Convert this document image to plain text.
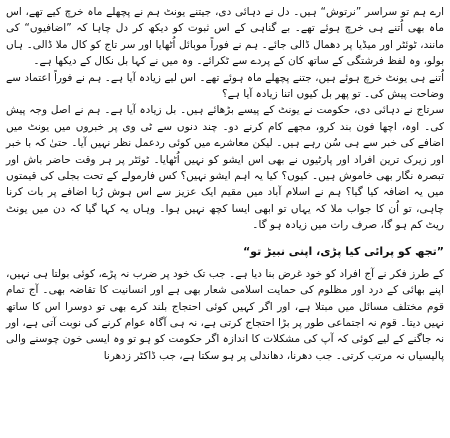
ارے ہم تو سراسر ”نرتوش“ ہیں۔ دل نے دہائی دی، جیتنے یونٹ ہم نے پچھلے ماہ خرچ کیے تھے، اس ماہ بھی اُتنے ہی خرچ ہوئے تھے۔ بے گناہی کے اس ثبوت کو دیکھ کر دل چاہا کہ ”اضافیوں“ کی مانند، ٹوئٹر اور میڈیا پر دھمال ڈالی جائے۔ ہم نے فوراً موبائل اُٹھایا اور سر تاج کو کال ملا ڈالی۔ ہاں بولو، وہ لفظ فرشتگی کے ساتھ کان کے پردے سے ٹکرائے۔ وہ میں نے کہا بل نکال کے دیکھا ہے۔

اُتنے ہی یونٹ خرچ ہوئے ہیں، جتنے پچھلے ماہ ہوئے تھے۔ اس لیے زیادہ آیا ہے۔ ہم نے فوراً اعتماد سے وضاحت پیش کی۔ تو پھر بل کیوں اتنا زیادہ آیا ہے؟

سرتاج نے دہائی دی، حکومت نے یونٹ کے پیسے بڑھائے ہیں۔ بل زیادہ آیا ہے۔ ہم نے اصل وجہ پیش کی۔ اوہ، اچھا فون بند کرو، مجھے کام کرنے دو۔ چند دنوں سے ٹی وی پر خبروں میں یونٹ میں اضافے کی خبر سے ہی سُن رہے ہیں۔ لیکن معاشرے میں کوئی ردعمل نظر نہیں آیا۔ حتیٰ کہ با خبر اور زیرک ترین افراد اور پارٹیوں نے بھی اس ایشو کو نہیں اُٹھایا۔ ٹوئٹر پر ہر وقت حاضر باش اور تبصرہ نگار بھی خاموش ہیں۔ کیوں؟ کیا یہ اہم ایشو نہیں؟ کس فارمولے کے تحت بجلی کی قیمتوں میں یہ اضافہ کیا گیا؟ ہم نے اسلام آباد میں مقیم ایک عزیز سے اس ہوش رُبا اضافے پر بات کرنا چاہی، تو اُن کا جواب ملا کہ یہاں تو ابھی ایسا کچھ نہیں ہوا۔ وہاں یہ کہا گیا کہ دن میں یونٹ ریٹ کم ہو گا، صرف رات میں زیادہ ہو گا۔

”تجھ کو پرائی کیا پڑی، اپنی نبیڑ تو“

کے طرز فکر نے آج افراد کو خود غرض بنا دیا ہے۔ جب تک خود پر ضرب نہ پڑے، کوئی بولتا ہی نہیں، اپنے بھائی کے درد اور مظلوم کی حمایت اسلامی شعار بھی ہے اور انسانیت کا تقاضہ بھی۔ آج تمام قوم مختلف مسائل میں مبتلا ہے، اور اگر کہیں کوئی احتجاج بلند کرے بھی تو دوسرا اس کا ساتھ نہیں دیتا۔ قوم نہ اجتماعی طور پر بڑا احتجاج کرتی ہے، نہ ہی آگاہ عوام کرنے کی نوبت آتی ہے، اور نہ جاگنے کے لیے کوئی کہ آپ کی مشکلات کا اندازہ اگر حکومت کو ہو تو وہ ایسی خون چوسنے والی پالیسیاں نہ مرتب کرتی۔ جب دھرنا، دھاندلی پر ہو سکتا ہے، جب ڈاکٹر زدھرنا
